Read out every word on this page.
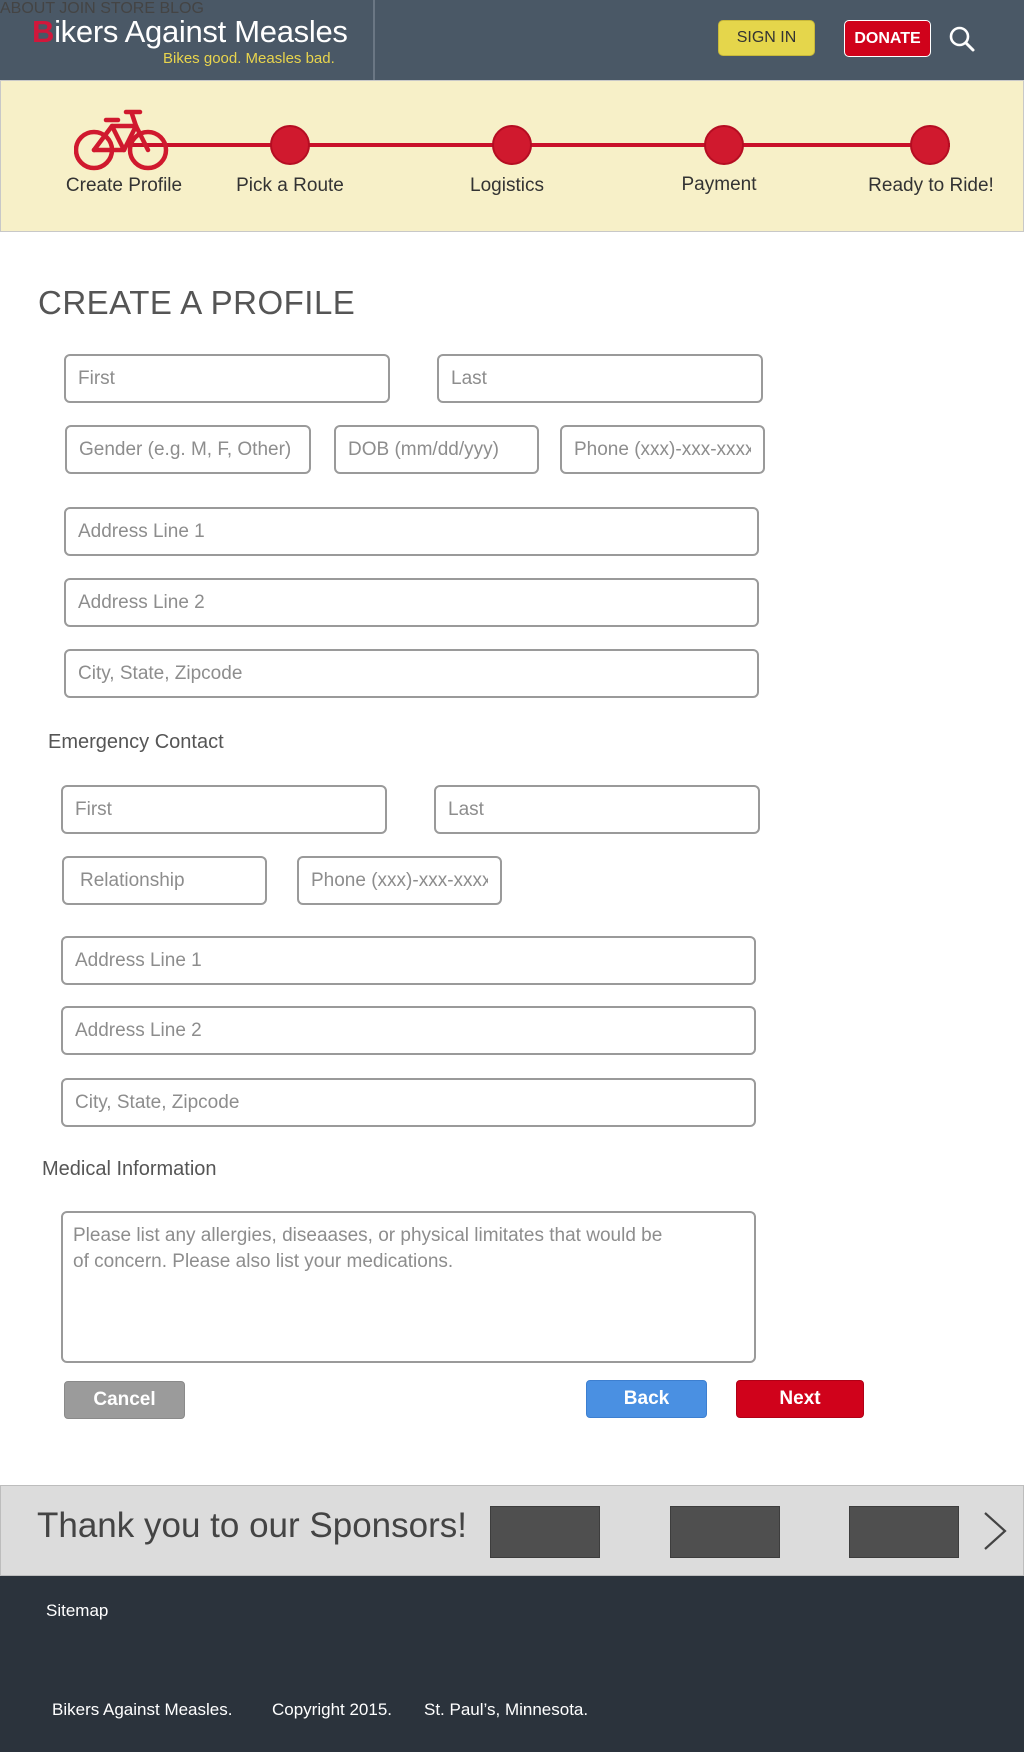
Bikers Against Measles
Bikes good. Measles bad.
ABOUT JOIN STORE BLOG
SIGN IN	DONATE
Create Profile	Pick a Route	Logistics	Payment	Ready to Ride!
CREATE A PROFILE
First
Last
Gender (e.g. M, F, Other)
DOB (mm/dd/yyy)
Phone (xxx)-xxx-xxxx
Address Line 1
Address Line 2
City, State, Zipcode
Emergency Contact
First
Last
Relationship
Phone (xxx)-xxx-xxxx
Address Line 1
Address Line 2
City, State, Zipcode
Medical Information
Please list any allergies, diseaases, or physical limitates that would be of concern. Please also list your medications.
Cancel	Back	Next
Thank you to our Sponsors!
Sitemap
Bikers Against Measles. Copyright 2015. St. Paul’s, Minnesota.
